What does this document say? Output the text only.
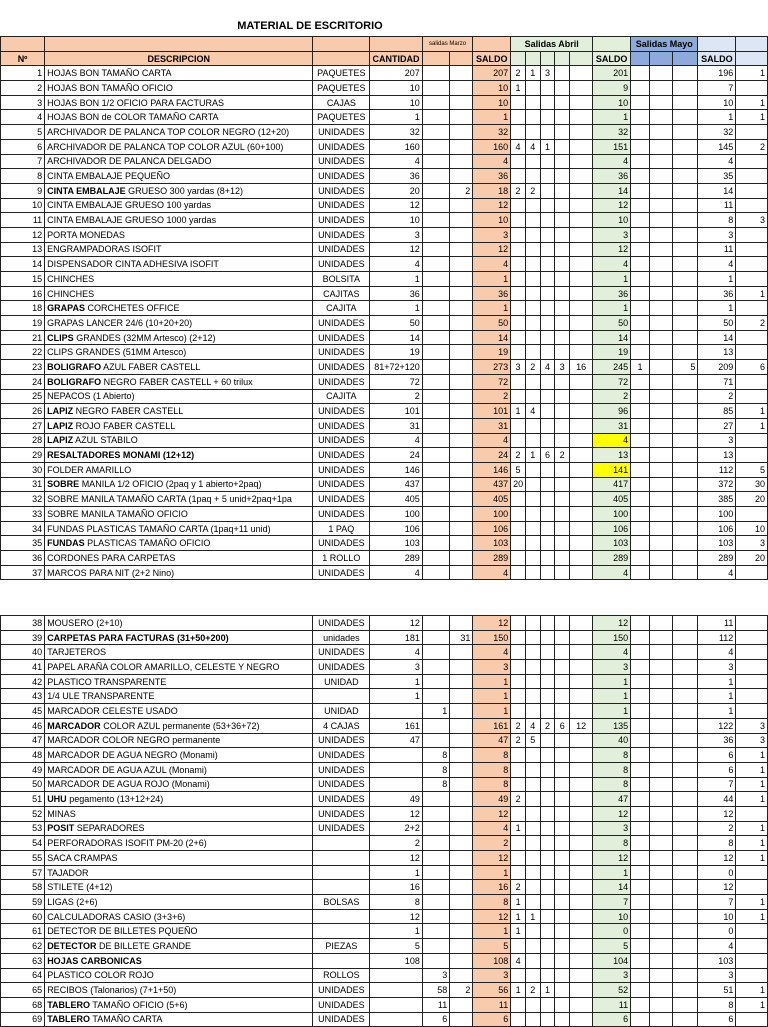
MATERIAL DE ESCRITORIO
				salidas Marzo			Salidas Abril						Salidas Mayo				
Nº	DESCRIPCION		CANTIDAD			SALDO						SALDO				SALDO	
1	HOJAS BON TAMAÑO CARTA	PAQUETES	207			207	2	1	3			201				196	1
2	HOJAS BON TAMAÑO OFICIO	PAQUETES	10			10	1					9				7	
3	HOJAS BON 1/2 OFICIO PARA FACTURAS	CAJAS	10			10						10				10	1
4	HOJAS BON de COLOR TAMAÑO CARTA	PAQUETES	1			1						1				1	1
5	ARCHIVADOR DE PALANCA TOP COLOR NEGRO (12+20)	UNIDADES	32			32						32				32	
6	ARCHIVADOR DE PALANCA TOP COLOR AZUL (60+100)	UNIDADES	160			160	4	4	1			151				145	2
7	ARCHIVADOR DE PALANCA DELGADO	UNIDADES	4			4						4				4	
8	CINTA EMBALAJE PEQUEÑO	UNIDADES	36			36						36				35	
9	CINTA EMBALAJE GRUESO 300 yardas (8+12)	UNIDADES	20		2	18	2	2				14				14	
10	CINTA EMBALAJE GRUESO 100 yardas	UNIDADES	12			12						12				11	
11	CINTA EMBALAJE GRUESO 1000 yardas	UNIDADES	10			10						10				8	3
12	PORTA MONEDAS	UNIDADES	3			3						3				3	
13	ENGRAMPADORAS ISOFIT	UNIDADES	12			12						12				11	
14	DISPENSADOR CINTA ADHESIVA ISOFIT	UNIDADES	4			4						4				4	
15	CHINCHES	BOLSITA	1			1						1				1	
16	CHINCHES	CAJITAS	36			36						36				36	1
18	GRAPAS CORCHETES OFFICE	CAJITA	1			1						1				1	
19	GRAPAS LANCER 24/6 (10+20+20)	UNIDADES	50			50						50				50	2
21	CLIPS GRANDES (32MM Artesco) (2+12)	UNIDADES	14			14						14				14	
22	CLIPS GRANDES (51MM Artesco)	UNIDADES	19			19						19				13	
23	BOLIGRAFO AZUL FABER CASTELL	UNIDADES	81+72+120			273	3	2	4	3	16	245	1		5	209	6
24	BOLIGRAFO NEGRO FABER CASTELL + 60 trilux	UNIDADES	72			72						72				71	
25	NEPACOS (1 Abierto)	CAJITA	2			2						2				2	
26	LAPIZ NEGRO FABER CASTELL	UNIDADES	101			101	1	4				96				85	1
27	LAPIZ ROJO FABER CASTELL	UNIDADES	31			31						31				27	1
28	LAPIZ AZUL STABILO	UNIDADES	4			4						4				3	
29	RESALTADORES MONAMI (12+12)	UNIDADES	24			24	2	1	6	2		13				13	
30	FOLDER AMARILLO	UNIDADES	146			146	5					141				112	5
31	SOBRE MANILA 1/2 OFICIO (2paq y 1 abierto+2paq)	UNIDADES	437			437	20					417				372	30
32	SOBRE MANILA TAMAÑO CARTA (1paq + 5 unid+2paq+1pa	UNIDADES	405			405						405				385	20
33	SOBRE MANILA TAMAÑO OFICIO	UNIDADES	100			100						100				100	
34	FUNDAS PLASTICAS TAMAÑO CARTA (1paq+11 unid)	1 PAQ	106			106						106				106	10
35	FUNDAS PLASTICAS TAMAÑO OFICIO	UNIDADES	103			103						103				103	3
36	CORDONES PARA CARPETAS	1 ROLLO	289			289						289				289	20
37	MARCOS PARA NIT (2+2 Nino)	UNIDADES	4			4						4				4	
38	MOUSERO (2+10)	UNIDADES	12			12						12				11	
39	CARPETAS PARA FACTURAS (31+50+200)	unidades	181		31	150						150				112	
40	TARJETEROS	UNIDADES	4			4						4				4	
41	PAPEL ARAÑA COLOR AMARILLO, CELESTE Y NEGRO	UNIDADES	3			3						3				3	
42	PLASTICO TRANSPARENTE	UNIDAD	1			1						1				1	
43	1/4 ULE TRANSPARENTE		1			1						1				1	
45	MARCADOR CELESTE USADO	UNIDAD		1		1						1				1	
46	MARCADOR COLOR AZUL permanente (53+36+72)	4 CAJAS	161			161	2	4	2	6	12	135				122	3
47	MARCADOR COLOR NEGRO permanente	UNIDADES	47			47	2	5				40				36	3
48	MARCADOR DE AGUA NEGRO (Monami)	UNIDADES		8		8						8				6	1
49	MARCADOR DE AGUA AZUL (Monami)	UNIDADES		8		8						8				6	1
50	MARCADOR DE AGUA ROJO (Monami)	UNIDADES		8		8						8				7	1
51	UHU pegamento (13+12+24)	UNIDADES	49			49	2					47				44	1
52	MINAS	UNIDADES	12			12						12				12	
53	POSIT SEPARADORES	UNIDADES	2+2			4	1					3				2	1
54	PERFORADORAS ISOFIT PM-20 (2+6)		2			2						8				8	1
55	SACA CRAMPAS		12			12						12				12	1
57	TAJADOR		1			1						1				0	
58	STILETE (4+12)		16			16	2					14				12	
59	LIGAS (2+6)	BOLSAS	8			8	1					7				7	1
60	CALCULADORAS CASIO (3+3+6)		12			12	1	1				10				10	1
61	DETECTOR DE BILLETES PQUEÑO		1			1	1					0				0	
62	DETECTOR DE BILLETE GRANDE	PIEZAS	5			5						5				4	
63	HOJAS CARBONICAS		108			108	4					104				103	
64	PLASTICO COLOR ROJO	ROLLOS		3		3						3				3	
65	RECIBOS (Talonarios) (7+1+50)	UNIDADES		58	2	56	1	2	1			52				51	1
68	TABLERO TAMAÑO OFICIO (5+6)	UNIDADES		11		11						11				8	1
69	TABLERO TAMAÑO CARTA	UNIDADES		6		6						6				6	
